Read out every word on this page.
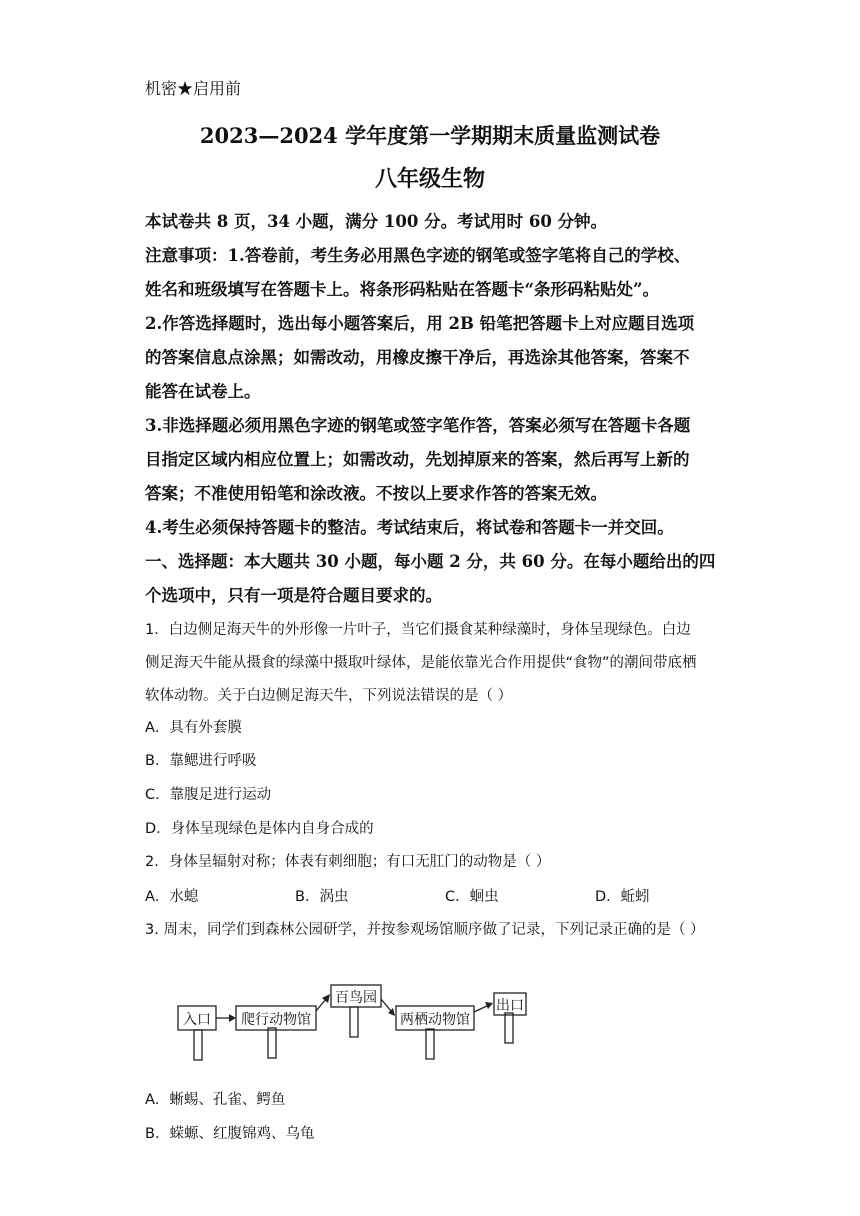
机密★启用前
2023—2024 学年度第一学期期末质量监测试卷
八年级生物
本试卷共 8 页，34 小题，满分 100 分。考试用时 60 分钟。
注意事项：1.答卷前，考生务必用黑色字迹的钢笔或签字笔将自己的学校、
姓名和班级填写在答题卡上。将条形码粘贴在答题卡“条形码粘贴处”。
2.作答选择题时，选出每小题答案后，用 2B 铅笔把答题卡上对应题目选项
的答案信息点涂黑；如需改动，用橡皮擦干净后，再选涂其他答案，答案不
能答在试卷上。
3.非选择题必须用黑色字迹的钢笔或签字笔作答，答案必须写在答题卡各题
目指定区域内相应位置上；如需改动，先划掉原来的答案，然后再写上新的
答案；不准使用铅笔和涂改液。不按以上要求作答的答案无效。
4.考生必须保持答题卡的整洁。考试结束后，将试卷和答题卡一并交回。
一、选择题：本大题共 30 小题，每小题 2 分，共 60 分。在每小题给出的四
个选项中，只有一项是符合题目要求的。
1．白边侧足海天牛的外形像一片叶子，当它们摄食某种绿藻时，身体呈现绿色。白边
侧足海天牛能从摄食的绿藻中摄取叶绿体，是能依靠光合作用提供“食物”的潮间带底栖
软体动物。关于白边侧足海天牛，下列说法错误的是（ ）
A．具有外套膜
B．靠鳃进行呼吸
C．靠腹足进行运动
D．身体呈现绿色是体内自身合成的
2．身体呈辐射对称；体表有刺细胞；有口无肛门的动物是（ ）
A．水螅	B．涡虫	C．蛔虫	D．蚯蚓
3. 周末，同学们到森林公园研学，并按参观场馆顺序做了记录，下列记录正确的是（ ）
入口 爬行动物馆
百鸟园
两栖动物馆
出口
A．蜥蜴、孔雀、鳄鱼
B．蝾螈、红腹锦鸡、乌龟
